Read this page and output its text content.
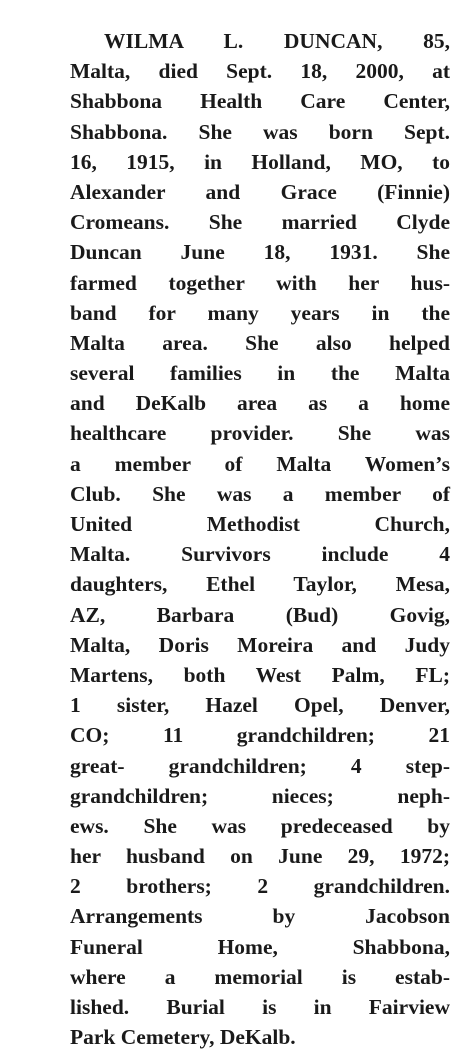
WILMA L. DUNCAN, 85,
Malta, died Sept. 18, 2000, at
Shabbona Health Care Center,
Shabbona. She was born Sept.
16, 1915, in Holland, MO, to
Alexander and Grace (Finnie)
Cromeans. She married Clyde
Duncan June 18, 1931. She
farmed together with her hus-
band for many years in the
Malta area. She also helped
several families in the Malta
and DeKalb area as a home
healthcare provider. She was
a member of Malta Women’s
Club. She was a member of
United Methodist Church,
Malta. Survivors include 4
daughters, Ethel Taylor, Mesa,
AZ, Barbara (Bud) Govig,
Malta, Doris Moreira and Judy
Martens, both West Palm, FL;
1 sister, Hazel Opel, Denver,
CO; 11 grandchildren; 21
great- grandchildren; 4 step-
grandchildren; nieces; neph-
ews. She was predeceased by
her husband on June 29, 1972;
2 brothers; 2 grandchildren.
Arrangements by Jacobson
Funeral Home, Shabbona,
where a memorial is estab-
lished. Burial is in Fairview
Park Cemetery, DeKalb.
